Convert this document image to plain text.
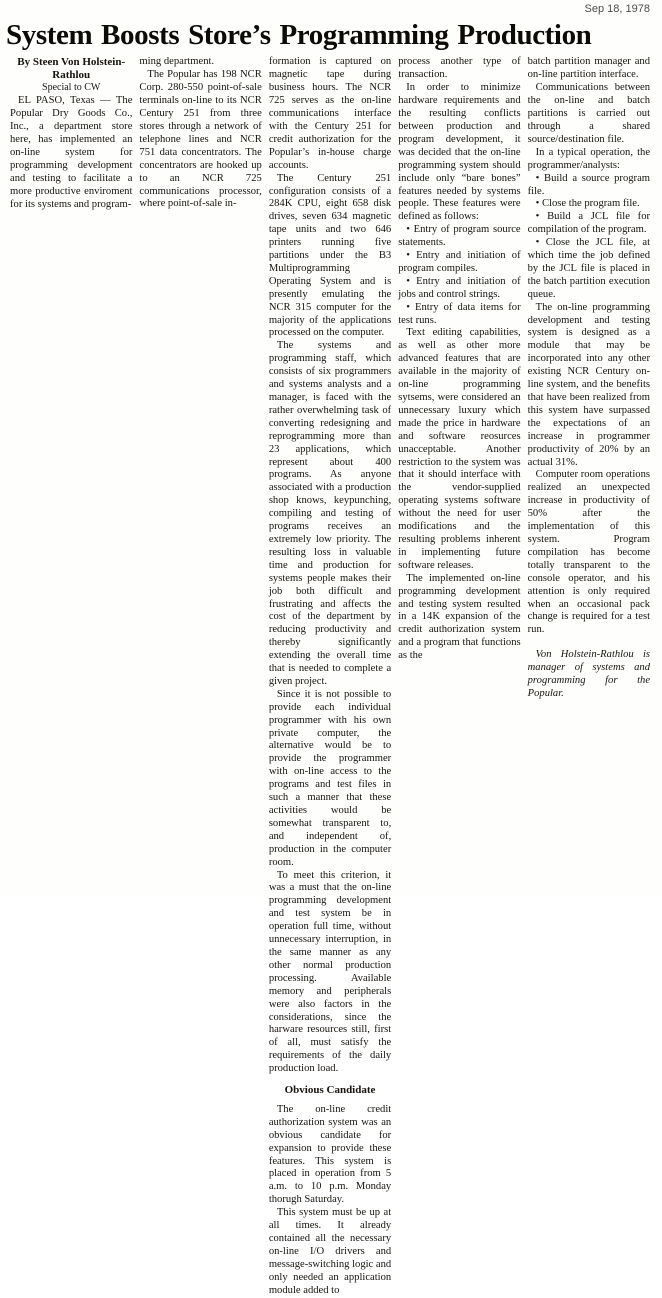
Sep 18, 1978
System Boosts Store’s Programming Production

By Steen Von Holstein-Rathlou

Special to CW

EL PASO, Texas — The Popular Dry Goods Co., Inc., a department store here, has implemented an on-line system for programming development and testing to facilitate a more productive enviroment for its systems and program-

ming department.

The Popular has 198 NCR Corp. 280-550 point-of-sale terminals on-line to its NCR Century 251 from three stores through a network of telephone lines and NCR 751 data concentrators. The concentrators are hooked up to an NCR 725 communications processor, where point-of-sale in-

formation is captured on magnetic tape during business hours. The NCR 725 serves as the on-line communications interface with the Century 251 for credit authorization for the Popular’s in-house charge accounts.

The Century 251 configuration consists of a 284K CPU, eight 658 disk drives, seven 634 magnetic tape units and two 646 printers running five partitions under the B3 Multiprogramming Operating System and is presently emulating the NCR 315 computer for the majority of the applications processed on the computer.

The systems and programming staff, which consists of six programmers and systems analysts and a manager, is faced with the rather overwhelming task of converting redesigning and reprogramming more than 23 applications, which represent about 400 programs. As anyone associated with a production shop knows, keypunching, compiling and testing of programs receives an extremely low priority. The resulting loss in valuable time and production for systems people makes their job both difficult and frustrating and affects the cost of the department by reducing productivity and thereby significantly extending the overall time that is needed to complete a given project.

Since it is not possible to provide each individual programmer with his own private computer, the alternative would be to provide the programmer with on-line access to the programs and test files in such a manner that these activities would be somewhat transparent to, and independent of, production in the computer room.

To meet this criterion, it was a must that the on-line programming development and test system be in operation full time, without unnecessary interruption, in the same manner as any other normal production processing. Available memory and peripherals were also factors in the considerations, since the harware resources still, first of all, must satisfy the requirements of the daily production load.

Obvious Candidate

The on-line credit authorization system was an obvious candidate for expansion to provide these features. This system is placed in operation from 5 a.m. to 10 p.m. Monday thorugh Saturday.

This system must be up at all times. It already contained all the necessary on-line I/O drivers and message-switching logic and only needed an application module added to

process another type of transaction.

In order to minimize hardware requirements and the resulting conflicts between production and program development, it was decided that the on-line programming system should include only “bare bones” features needed by systems people. These features were defined as follows:

• Entry of program source statements.

• Entry and initiation of program compiles.

• Entry and initiation of jobs and control strings.

• Entry of data items for test runs.

Text editing capabilities, as well as other more advanced features that are available in the majority of on-line programming sytsems, were considered an unnecessary luxury which made the price in hardware and software reosurces unacceptable. Another restriction to the system was that it should interface with the vendor-supplied operating systems software without the need for user modifications and the resulting problems inherent in implementing future software releases.

The implemented on-line programming development and testing system resulted in a 14K expansion of the credit authorization system and a program that functions as the

batch partition manager and on-line partition interface.

Communications between the on-line and batch partitions is carried out through a shared source/destination file.

In a typical operation, the programmer/analysts:

• Build a source program file.

• Close the program file.

• Build a JCL file for compilation of the program.

• Close the JCL file, at which time the job defined by the JCL file is placed in the batch partition execution queue.

The on-line programming development and testing system is designed as a module that may be incorporated into any other existing NCR Century on-line system, and the benefits that have been realized from this system have surpassed the expectations of an increase in programmer productivity of 20% by an actual 31%.

Computer room operations realized an unexpected increase in productivity of 50% after the implementation of this system. Program compilation has become totally transparent to the console operator, and his attention is only required when an occasional pack change is required for a test run.

Von Holstein-Rathlou is manager of systems and programming for the Popular.
